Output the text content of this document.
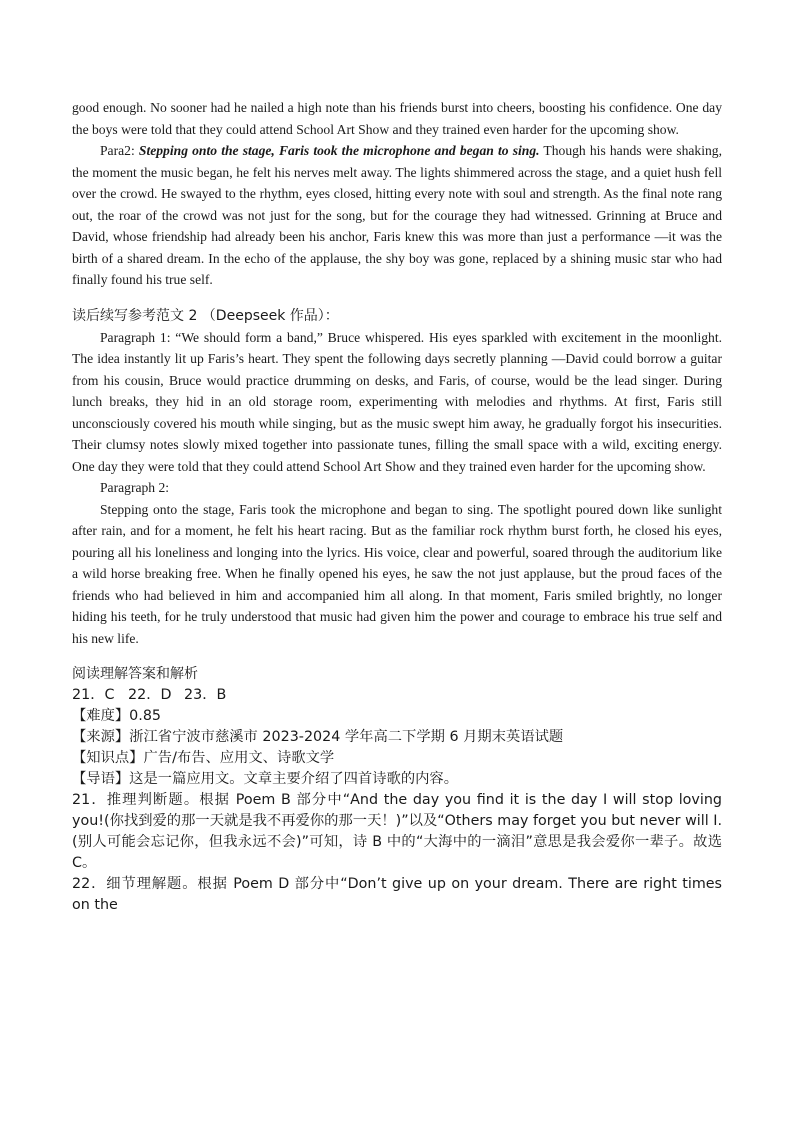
good enough. No sooner had he nailed a high note than his friends burst into cheers, boosting his confidence. One day the boys were told that they could attend School Art Show and they trained even harder for the upcoming show.

Para2: Stepping onto the stage, Faris took the microphone and began to sing. Though his hands were shaking, the moment the music began, he felt his nerves melt away. The lights shimmered across the stage, and a quiet hush fell over the crowd. He swayed to the rhythm, eyes closed, hitting every note with soul and strength. As the final note rang out, the roar of the crowd was not just for the song, but for the courage they had witnessed. Grinning at Bruce and David, whose friendship had already been his anchor, Faris knew this was more than just a performance —it was the birth of a shared dream. In the echo of the applause, the shy boy was gone, replaced by a shining music star who had finally found his true self.

读后续写参考范文 2 （Deepseek 作品）：

Paragraph 1: “We should form a band,” Bruce whispered. His eyes sparkled with excitement in the moonlight. The idea instantly lit up Faris’s heart. They spent the following days secretly planning —David could borrow a guitar from his cousin, Bruce would practice drumming on desks, and Faris, of course, would be the lead singer. During lunch breaks, they hid in an old storage room, experimenting with melodies and rhythms. At first, Faris still unconsciously covered his mouth while singing, but as the music swept him away, he gradually forgot his insecurities. Their clumsy notes slowly mixed together into passionate tunes, filling the small space with a wild, exciting energy. One day they were told that they could attend School Art Show and they trained even harder for the upcoming show.

Paragraph 2:

Stepping onto the stage, Faris took the microphone and began to sing. The spotlight poured down like sunlight after rain, and for a moment, he felt his heart racing. But as the familiar rock rhythm burst forth, he closed his eyes, pouring all his loneliness and longing into the lyrics. His voice, clear and powerful, soared through the auditorium like a wild horse breaking free. When he finally opened his eyes, he saw the not just applause, but the proud faces of the friends who had believed in him and accompanied him all along. In that moment, Faris smiled brightly, no longer hiding his teeth, for he truly understood that music had given him the power and courage to embrace his true self and his new life.

阅读理解答案和解析

21．C 22．D 23．B

【难度】0.85

【来源】浙江省宁波市慈溪市 2023-2024 学年高二下学期 6 月期末英语试题

【知识点】广告/布告、应用文、诗歌文学

【导语】这是一篇应用文。文章主要介绍了四首诗歌的内容。

21．推理判断题。根据 Poem B 部分中“And the day you find it is the day I will stop loving you!(你找到爱的那一天就是我不再爱你的那一天！)”以及“Others may forget you but never will I.(别人可能会忘记你，但我永远不会)”可知，诗 B 中的“大海中的一滴泪”意思是我会爱你一辈子。故选 C。

22．细节理解题。根据 Poem D 部分中“Don’t give up on your dream. There are right times on the
